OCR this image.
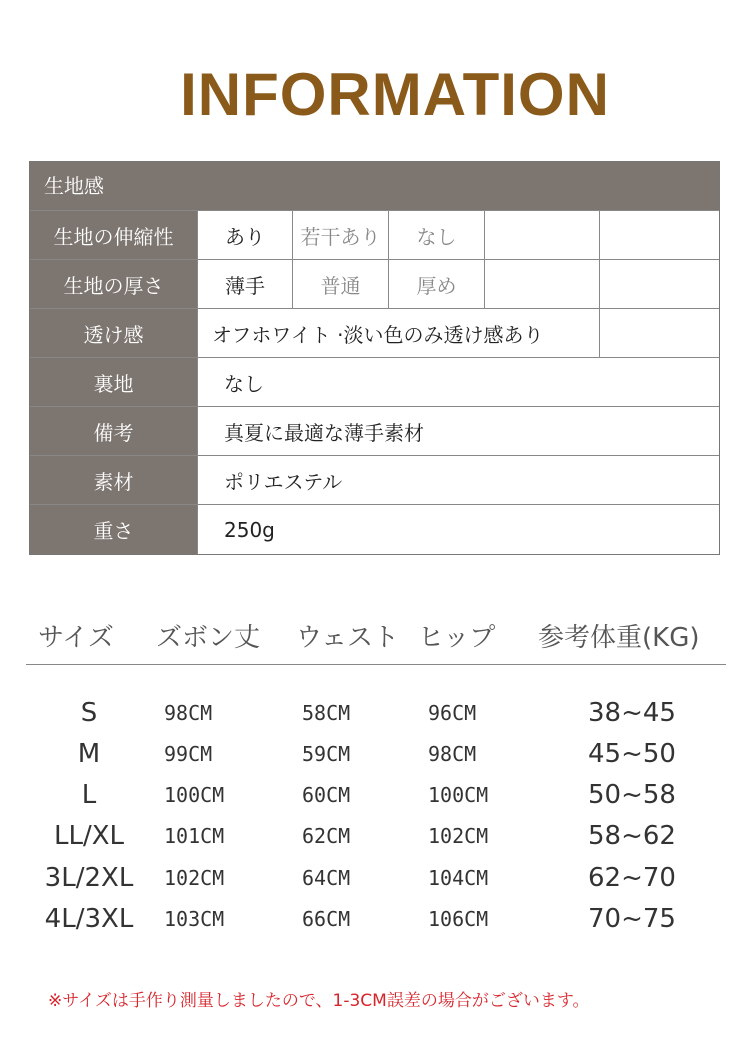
INFORMATION
生地感
生地の伸縮性	あり	若干あり	なし
生地の厚さ	薄手	普通	厚め
透け感	オフホワイト ·淡い色のみ透け感あり
裏地	なし
備考	真夏に最適な薄手素材
素材	ポリエステル
重さ	250g
サイズ ズボン丈 ウェスト ヒップ 参考体重(KG)
S	98CM	58CM	96CM	38~45
M	99CM	59CM	98CM	45~50
L	100CM	60CM	100CM	50~58
LL/XL	101CM	62CM	102CM	58~62
3L/2XL	102CM	64CM	104CM	62~70
4L/3XL	103CM	66CM	106CM	70~75
※サイズは手作り測量しましたので、1-3CM誤差の場合がございます。
